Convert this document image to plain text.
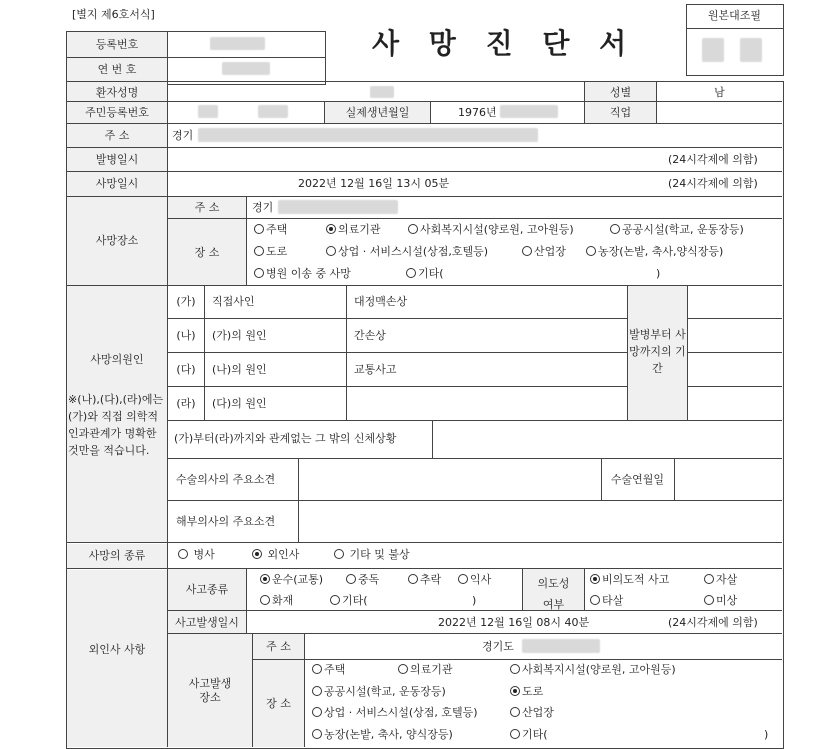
[별지 제6호서식]
사 망 진 단 서
원본대조필
등록번호
연 번 호
환자성명	성별	남
주민등록번호	실제생년월일	1976년	직업
주 소	경기
발병일시	(24시각제에 의함)
사망일시	2022년 12월 16일 13시 05분	(24시각제에 의함)
사망장소
주 소	경기
장 소
주택	의료기관	사회복지시설(양로원, 고아원등)	공공시설(학교, 운동장등)
도로	상업 · 서비스시설(상점,호텔등)	산업장	농장(논밭, 축사,양식장등)
병원 이송 중 사망	기타(	)
사망의원인
※(나),(다),(라)에는 (가)와 직접 의학적 인과관계가 명확한 것만을 적습니다.
발병부터 사망까지의 기간
(가)	직접사인	대정맥손상
(나)	(가)의 원인	간손상
(다)	(나)의 원인	교통사고
(라)	(다)의 원인
(가)부터(라)까지와 관계없는 그 밖의 신체상황
수술의사의 주요소견	수술연월일
해부의사의 주요소견
사망의 종류	병사	외인사	기타 및 불상
외인사 사항
사고종류
운수(교통)	중독	추락	익사
화재	기타(	)
의도성 여부
비의도적 사고	자살
타살	미상
사고발생일시	2022년 12월 16일 08시 40분	(24시각제에 의함)
사고발생 장소
주 소	경기도
장 소
주택	의료기관	사회복지시설(양로원, 고아원등)
공공시설(학교, 운동장등)	도로
상업 · 서비스시설(상점, 호텔등)	산업장
농장(논밭, 축사, 양식장등)	기타(	)
